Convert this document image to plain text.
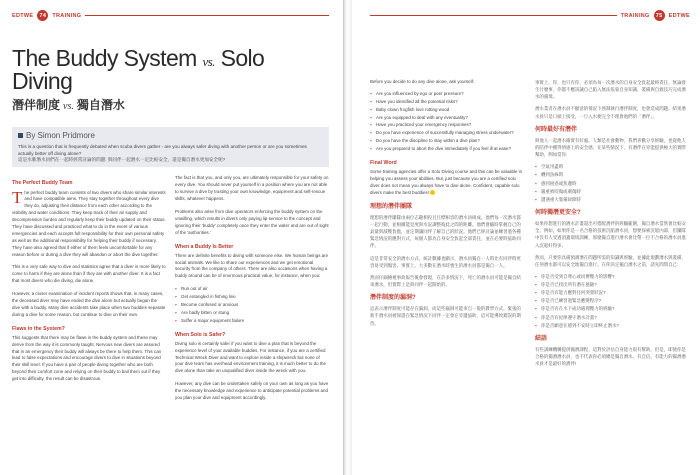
EDTWE	74	TRAINING
The Buddy System vs. Solo Diving
潛伴制度 vs. 獨自潛水
By Simon Pridmore
This is a question that is frequently debated when scuba divers gather - are you always safer diving with another person or are you sometimes actually better off diving alone?
這是水肺潛水員們在一起時經常討論的問題: 與同伴一起潛水一定比較安全，還是獨自潛水更加安全呢?
The Perfect Buddy Team

The perfect buddy team consists of two divers who share similar interests and have compatible aims. They stay together throughout every dive they do, adjusting their distance from each other according to the visibility and water conditions. They keep track of their air supply and decompression burden and regularly keep their buddy updated on their status. They have discussed and practiced what to do in the event of various emergencies and each accepts full responsibility for their own personal safety as well as the additional responsibility for helping their buddy if necessary. They have also agreed that if either of them feels uncomfortable for any reason before or during a dive they will abandon or abort the dive together.

This is a very safe way to dive and statistics agree that a diver is more likely to come to harm if they are alone than if they are with another diver. It is a fact that most divers who die diving, die alone.

However, a closer examination of incident reports shows that, in many cases, the deceased diver may have ended the dive alone but actually began the dive with a buddy. Many dive accidents take place when two buddies separate during a dive for some reason, but continue to dive on their own.

Flaws in the System?

This suggests that there may be flaws in the buddy system and these may derive from the way it is commonly taught. Nervous new divers are assured that in an emergency their buddy will always be there to help them. This can lead to false expectations and encourage divers to dive in situations beyond their skill level. If you have a pair of people diving together who are both beyond their comfort zone and relying on their buddy to bail them out if they get into difficulty, the result can be disastrous.

The fact is that you, and only you, are ultimately responsible for your safety on every dive. You should never put yourself in a position where you are not able to survive a dive by trusting your own knowledge, equipment and self-rescue skills, whatever happens.

Problems also arise from dive operators enforcing the buddy system on the unwilling, which results in divers only paying lip-service to the concept and ignoring their 'buddy' completely once they enter the water and are out of sight of the 'authorities.'

When a Buddy Is Better

There are definite benefits to diving with someone else. We human beings are social animals. We like to share our experiences and we get emotional security from the company of others. There are also occasions when having a buddy around can be of enormous practical value, for instance, when you:

▪ Run out of air
▪ Get entangled in fishing line
▪ Become confused or anxious
▪ Are badly bitten or stung
▪ Suffer a major equipment failure
When Solo is Safer?

Diving solo is certainly safer if you want to dive a plan that is beyond the experience level of your available buddies. For instance, if you are a certified Technical Wreck Diver and want to explore inside a shipwreck but none of your dive team has overhead environment training, it is much better to do the dive alone than take an unqualified diver inside the wreck with you.

However, any dive can be undertaken safely on your own as long as you have the necessary knowledge and experience to anticipate potential problems and you plan your dive and equipment accordingly.

TRAINING	75	EDTWE

Before you decide to do any dive alone, ask yourself:

▪ Are you influenced by ego or peer pressure?
▪ Have you identified all the potential risks?
▪ Baby clown frogfish love rotting wood
▪ Are you equipped to deal with any eventuality?
▪ Have you practiced your emergency responses?
▪ Do you have experience of successfully managing stress underwater?
▪ Do you have the discipline to stay within a dive plan?
▪ Are you prepared to abort the dive immediately if you feel ill at ease?
Final Word

Some training agencies offer a Solo Diving course and this can be valuable in helping you assess your abilities. But, just because you are a certified solo diver does not mean you always have to dive alone. Confident, capable solo divers make the best buddies!

理想的潛伴團隊

理想的潛伴團隊由兩位志趣相投且目標相容的潛水員組成。他們每一次潛水都一起行動，並根據能見度與水況調整彼此之間的距離。他們會隨時掌握自己的氣量與減壓負擔，並定期讓同伴了解自己的狀況。他們已經討論並練習過各種緊急情況的應對方式，每個人都為自身安全負起全部責任，並在必要時協助同伴。

這是非常安全的潛水方式，統計數據也顯示，潛水員獨自一人時比有同伴時更容易受到傷害。事實上，大多數在潛水時喪生的潛水員都是獨自一人。

然而仔細檢視事故報告後會發現，在許多情況下，死亡的潛水員可能是獨自結束潛水，但實際上是與同伴一起開始的。

潛伴制度的漏洞?

這表示潛伴制度可能存在漏洞，而這些漏洞可能來自一般的教學方式。緊張的新手潛水員被保證在緊急情況下同伴一定會在旁邊協助，這可能導致錯誤的期待。

事實上，你，也只有你，必須為每一次潛水的自身安全負起最終責任。無論發生什麼事，你都不應該讓自己陷入無法依靠自身知識、裝備與自救技巧完成潛水的處境。

潛水業者在潛水員不願意的情況下強制執行潛伴制度，也會造成問題。結果潛水員只是口頭上接受，一旦入水便完全不理會他們的「潛伴」。

何時最好有潛伴

與他人一起潛水確實有好處。人類是社會動物，我們喜歡分享經驗，也從他人的陪伴中獲得情感上的安全感。在某些情況下，有潛伴在旁能提供極大的實際幫助，例如當你:

▪ 空氣用盡時
▪ 纏到魚線時
▪ 感到困惑或焦慮時
▪ 嚴重被咬傷或刺傷時
▪ 遭遇重大裝備故障時
何時獨潛更安全?

如果你想進行的潛水計畫超出可搭配潛伴的經驗範圍，獨自潛水當然會比較安全。例如，如果你是一名合格的技術沉船潛水員，想要探索沉船內部，但團隊中沒有人受過頂蓋環境訓練，那麼獨自進行潛水會比帶一位不合格的潛水員進入沉船好得多。

然而，只要你具備預測潛在問題所需的知識與經驗，並據此規劃潛水與裝備，任何潛水都可以安全地獨自進行。在你決定獨自潛水之前，請先問問自己:

▪ 你是否受到自尊心或同儕壓力的影響?
▪ 你是否已找出所有潛在風險?
▪ 你是否有能力應對任何突發狀況?
▪ 你是否已練習過緊急應變程序?
▪ 你是否有在水下成功處理壓力的經驗?
▪ 你是否有紀律遵守潛水計畫?
▪ 你是否願意在感到不安時立即終止潛水?
結語

有些訓練機構提供獨潛課程，這對於評估自身能力很有幫助。但是，即使你是合格的獨潛潛水員，也不代表你必須總是獨自潛水。有自信、有能力的獨潛潛水員才是最好的潛伴!
